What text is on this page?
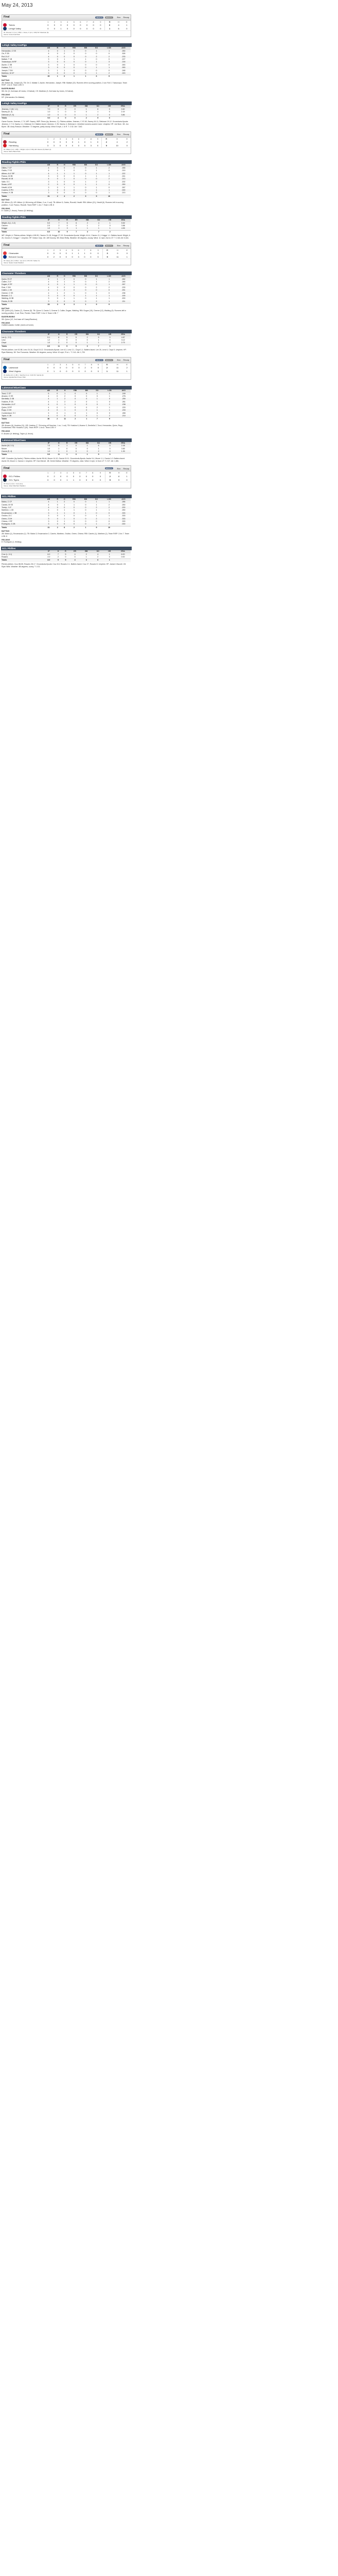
May 24, 2013
Final	MILB.TV	MILB.TV	Box Recap
		1	2	3	4	5	6	7	8	9	R	H	E
	Toledo	0	0	0	0	0	0	0	0	0	0	4	1
	Lehigh Valley	0	0	1	0	0	0	0	0	0	1	6	0
W: Jimenez, C (1-1, 3.50) L: Jones, C (2-1, 4.09) SV: Diekman (6)
Venue: Coca-Cola Park
Lehigh Valley IronPigs
	AB	R	H	RBI	BB	SO	LOB	AVG
Hernandez, C SS	4	0	1	0	0	1	1	.250
Orr, P 2B	4	0	2	0	0	0	0	.305
Ruf, D LF	4	0	0	0	0	2	2	.233
Mattair, T 1B	3	0	1	1	1	0	0	.227
Tuiasosopo, M RF	3	0	0	0	0	1	3	.218
Asche, C 3B	3	0	1	0	0	0	0	.263
Hudson, T C	3	0	0	0	0	1	1	.263
Joseph, T DH	3	1	1	0	0	0	0	.248
Martinez, M CF	3	0	0	0	0	1	2	.243
Totals	30	1	6	1	1	6	9	
BATTING
2B: Mattair (8), Joseph (5). TB: Orr 2, Mattair 2, Asche, Hernandez, Joseph. RBI: Mattair (22). Runners left in scoring position, 2 out: Ruf 2, Tuiasosopo. Team RISP: 1-for-6. Team LOB: 5
BASERUNNING
SB: Orr (9, 2nd base off Jones, C/Cabral). CS: Martinez (3, 2nd base by Jones, C/Cabral).
FIELDING
DP: (Hernandez-Orr-Mattair).
Lehigh Valley IronPigs
	IP	H	R	ER	BB	SO	HR	ERA
Jimenez, C (W, 1-1)	7.0	3	0	0	1	6	0	3.50
Savery (H, 4)	1.0	1	0	0	0	1	0	2.19
Diekman (S, 6)	1.0	0	0	0	1	2	0	3.86
Totals	9.0	4	0	0	2	9	0	
Game Scores: Jimenez, C 74. WP: Savery. HBP: Perez (by Jimenez, C). Pitches-strikes: Jimenez, C 97-60, Savery 16-11, Diekman 19-12. Groundouts-flyouts: Jimenez, C 7-5, Savery 1-1, Diekman 0-0. Batters faced: Jimenez, C 25, Savery 4, Diekman 4. Inherited runners-scored: none. Umpires: HP: Joe Born. 1B: Jon Byrne. 3B: Andy Rowson. Weather: 72 degrees, partly cloudy. Wind: 8 mph, L to R. T: 2:32. Att: 7,542.
Final	MILB.TV	MILB.TV	Box Recap
		1	2	3	4	5	6	7	8	9	R	H	E
	Reading	0	0	0	0	0	1	0	1	0	2	4	2
	Harrisburg	3	3	0	0	0	0	0	3	0	9	10	0
W: Gilliam (1-0, 1.08) L: Wright, A (0-2, 5.52) HR: Ramos (5) Rauh (1)
Venue: Metro Bank Park
Reading Fightin Phils
	AB	R	H	RBI	BB	SO	LOB	AVG
Gillies, T CF	4	0	0	0	0	1	2	.265
Galvis, F SS	4	0	1	0	0	1	0	.219
Altherr, A LF-RF	4	1	1	1	0	1	1	.222
Franco, M 3B	3	0	0	0	1	1	2	.241
Rizzotti, M 1B	4	0	1	0	0	0	2	.213
Valle, S C	3	1	0	0	1	2	1	.202
Susac, A RF	2	0	0	0	1	1	0	.250
Hewitt, A DH	3	0	1	1	0	1	0	.267
Cozens, D PH	1	0	0	0	0	1	1	.000
Hudson, K 2B	3	0	0	0	0	0	1	.213
Totals	31	2	4	2	3	9	10	
BATTING
2B: Altherr (9). HR: Altherr (4, 8th inning off Gilliam, 0 on, 0 out). TB: Altherr 5, Galvis, Rizzotti, Hewitt. RBI: Altherr (21), Hewitt (6). Runners left in scoring position, 2 out: Franco, Rizzotti. Team RISP: 1-for-7. Team LOB: 8
FIELDING
E: Galvis (7, throw), Franco (8, fielding).
Reading Fightin Phils
	IP	H	R	ER	BB	SO	HR	ERA
Wright, A (L, 0-2)	5.0	7	6	6	2	4	1	5.52
Cisnero	2.0	2	0	0	1	2	0	3.86
Knigge	1.0	1	3	1	1	1	1	4.50
Totals	8.0	10	9	7	4	7	2	
WP: Wright, A. Pitches-strikes: Wright, A 98-59, Cisnero 31-18, Knigge 27-15. Groundouts-flyouts: Wright, A 6-4, Cisnero 3-1, Knigge 1-1. Batters faced: Wright, A 26, Cisnero 9, Knigge 7. Umpires: HP: Nestor Ceja. 1B: Jeff Gosney. 3B: Brian Reilly. Weather: 65 degrees, cloudy. Wind: 11 mph, Out to CF. T: 2:48. Att: 5,316.
Final	MILB.TV	MILB.TV	Box Recap
		1	2	3	4	5	6	7	8	9	R	H	E
	Clearwater	0	0	0	0	1	1	1	0	0	3	9	0
	Brevard County	0	2	0	0	0	3	0	0	X	5	11	1
W: Casey (3-2, 4.80) L: Lee (2-3, 4.57) SV: Keller (7)
Venue: Space Coast Stadium
Clearwater Threshers
	AB	R	H	RBI	BB	SO	LOB	AVG
Quinn, R CF	4	1	2	0	0	1	1	.282
Collier, Z LF	4	0	1	0	0	1	2	.245
Dugan, K RF	4	0	1	1	0	0	1	.267
Ruiz, C DH	4	0	0	0	0	2	2	.233
Castro, L 1B	4	1	2	0	0	0	0	.251
Greene, C SS	4	1	2	1	0	1	0	.238
Bossart, C C	3	0	0	0	1	1	1	.190
Walding, M 3B	3	0	1	1	0	1	1	.200
Pointer, B 2B	3	0	0	0	0	2	1	.211
Totals	33	3	9	3	1	9	9	
BATTING
2B: Quinn (10), Castro (7), Greene (5). TB: Quinn 3, Castro 3, Greene 3, Collier, Dugan, Walding. RBI: Dugan (15), Greene (12), Walding (9). Runners left in scoring position, 2 out: Ruiz, Pointer. Team RISP: 2-for-9. Team LOB: 7
BASERUNNING
SB: Quinn (12, 2nd base off Casey/Ramirez).
FIELDING
Outfield assists: Collier (Jones at home).
Clearwater Threshers
	IP	H	R	ER	BB	SO	HR	ERA
Lee (L, 2-3)	5.1	8	5	5	2	5	0	4.57
Lenz	1.2	1	0	0	0	1	0	3.12
Cloyd	1.0	2	0	0	1	1	0	2.70
Totals	8.0	11	5	5	3	7	0	
Pitches-strikes: Lee 92-58, Lenz 24-16, Cloyd 19-12. Groundouts-flyouts: Lee 6-3, Lenz 2-1, Cloyd 1-1. Batters faced: Lee 26, Lenz 6, Cloyd 5. Umpires: HP: Ryan Blakney. 1B: Tom Fornarola. Weather: 84 degrees, sunny. Wind: 10 mph, R to L. T: 2:41. Att: 1,725.
Final	MILB.TV	MILB.TV	Box Recap
		1	2	3	4	5	6	7	8	9	R	H	E
	Lakewood	0	0	0	0	0	0	2	0	0	2	11	2
	West Virginia	0	1	0	0	0	0	0	0	0	1	11	1
W: Asche (2-0, 2.45) L: Sanchez (1-2, 3.10) SV: Garcia (4)
Venue: Appalachian Power Park
Lakewood BlueClaws
	AB	R	H	RBI	BB	SO	LOB	AVG
Tocci, C CF	5	0	1	0	0	1	2	.249
Alvarez, D SS	4	0	2	0	0	0	1	.276
Serritella, D 3B	4	1	2	0	0	1	0	.259
Hoskins, R 1B	4	1	2	2	0	1	0	.261
Hernandez, A LF	4	0	1	0	0	0	2	.238
Quinn, D RF	4	0	1	0	0	2	1	.220
Rupp, C DH	4	0	1	0	0	1	1	.233
Cumberland, S C	3	0	1	0	1	0	0	.265
Taylor, K 2B	4	0	0	0	0	1	2	.210
Totals	36	2	11	2	1	7	9	
BATTING
2B: Alvarez (6), Hoskins (11). HR: Hoskins (7, 7th inning off Sanchez, 1 on, 1 out). TB: Hoskins 6, Alvarez 3, Serritella 2, Tocci, Hernandez, Quinn, Rupp, Cumberland. RBI: Hoskins 2 (30). Team RISP: 1-for-8. Team LOB: 9
FIELDING
E: Alvarez (9, fielding), Taylor (4, throw).
Lakewood BlueClaws
	IP	H	R	ER	BB	SO	HR	ERA
Asche (W, 2-0)	7.0	9	1	0	1	6	0	2.45
Moore	1.0	1	0	0	0	1	0	3.60
Garcia (S, 4)	1.0	1	0	0	0	2	0	1.93
Totals	9.0	11	1	0	1	9	0	
HBP: Gonzalez (by Asche). Pitches-strikes: Asche 96-64, Moore 14-10, Garcia 15-11. Groundouts-flyouts: Asche 9-4, Moore 1-1, Garcia 1-0. Batters faced: Asche 30, Moore 4, Garcia 4. Umpires: HP: Dan Merzel. 1B: Derek Mollica. Weather: 70 degrees, clear. Wind: 6 mph, In from LF. T: 2:37. Att: 1,881.
Final	MILB.TV	Box Recap
		1	2	3	4	5	6	7	8	9	R	H	E
	GCL Phillies	0	2	0	0	0	0	0	0	0	2	8	1
	GCL Tigers	0	0	0	1	1	0	3	0	X	5	9	0
W: Perez (1-0) L: Cruz (0-1)
Venue: Joker Marchant Stadium
GCL Phillies
	AB	R	H	RBI	BB	SO	LOB	AVG
Matos, C CF	4	1	2	0	0	1	1	.286
Canelo, M SS	4	0	1	1	0	1	2	.250
Tromp, J LF	4	0	0	0	0	2	2	.200
Martinez, L 1B	4	0	1	1	0	1	1	.250
Encarnacion, L 3B	3	1	1	0	1	0	0	.333
Grullon, D C	3	0	1	0	0	1	1	.333
Green, Z DH	3	0	1	0	0	2	1	.333
Chinea, J RF	3	0	1	0	0	0	0	.333
Rodriguez, G 2B	3	0	0	0	0	1	2	.000
Totals	31	2	8	2	1	9	10	
BATTING
2B: Matos (1), Encarnacion (1). TB: Matos 3, Encarnacion 2, Canelo, Martinez, Grullon, Green, Chinea. RBI: Canelo (1), Martinez (1). Team RISP: 2-for-7. Team LOB: 8
FIELDING
E: Rodriguez (1, fielding).
GCL Phillies
	IP	H	R	ER	BB	SO	HR	ERA
Cruz (L, 0-1)	6.0	7	5	4	2	4	1	6.00
Rosario	2.0	2	0	0	1	2	0	0.00
Totals	8.0	9	5	4	3	6	1	
Pitches-strikes: Cruz 88-55, Rosario 28-17. Groundouts-flyouts: Cruz 8-5, Rosario 2-1. Batters faced: Cruz 27, Rosario 8. Umpires: HP: Jansen Visconti. 1B: Ryan Wills. Weather: 88 degrees, sunny. T: 2:21.
